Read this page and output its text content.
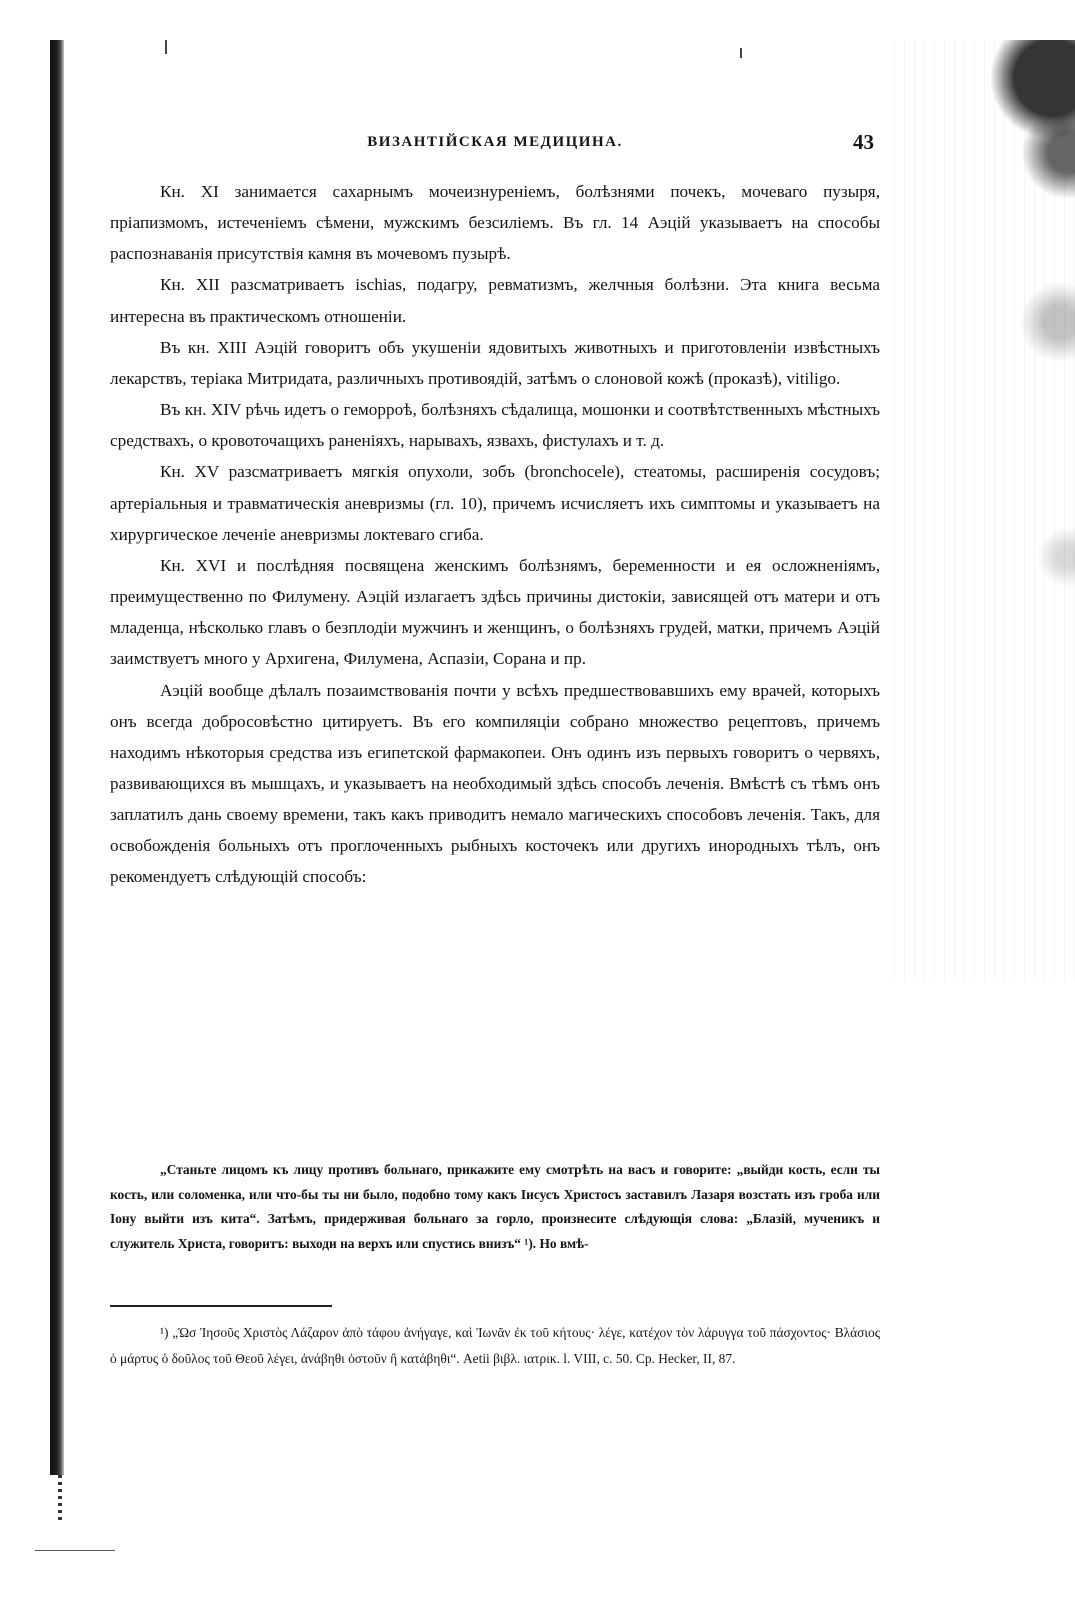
ВИЗАНТІЙСКАЯ МЕДИЦИНА.	43

Кн. XI занимается сахарнымъ мочеизнуреніемъ, болѣзнями почекъ, мочеваго пузыря, пріапизмомъ, истеченіемъ сѣмени, мужскимъ безсиліемъ. Въ гл. 14 Аэцій указываетъ на способы распознаванія присутствія камня въ мочевомъ пузырѣ.

Кн. XII разсматриваетъ ischias, подагру, ревматизмъ, желчныя болѣзни. Эта книга весьма интересна въ практическомъ отношеніи.

Въ кн. XIII Аэцій говоритъ объ укушеніи ядовитыхъ животныхъ и приготовленіи извѣстныхъ лекарствъ, теріака Митридата, различныхъ противоядій, затѣмъ о слоновой кожѣ (проказѣ), vitiligo.

Въ кн. XIV рѣчь идетъ о геморроѣ, болѣзняхъ сѣдалища, мошонки и соотвѣтственныхъ мѣстныхъ средствахъ, о кровоточащихъ раненіяхъ, нарывахъ, язвахъ, фистулахъ и т. д.

Кн. XV разсматриваетъ мягкія опухоли, зобъ (bronchocele), стеатомы, расширенія сосудовъ; артеріальныя и травматическія аневризмы (гл. 10), причемъ исчисляетъ ихъ симптомы и указываетъ на хирургическое леченіе аневризмы локтеваго сгиба.

Кн. XVI и послѣдняя посвящена женскимъ болѣзнямъ, беременности и ея осложненіямъ, преимущественно по Филумену. Аэцій излагаетъ здѣсь причины дистокіи, зависящей отъ матери и отъ младенца, нѣсколько главъ о безплодіи мужчинъ и женщинъ, о болѣзняхъ грудей, матки, причемъ Аэцій заимствуетъ много у Архигена, Филумена, Аспазіи, Сорана и пр.

Аэцій вообще дѣлалъ позаимствованія почти у всѣхъ предшествовавшихъ ему врачей, которыхъ онъ всегда добросовѣстно цитируетъ. Въ его компиляціи собрано множество рецептовъ, причемъ находимъ нѣкоторыя средства изъ египетской фармакопеи. Онъ одинъ изъ первыхъ говоритъ о червяхъ, развивающихся въ мышцахъ, и указываетъ на необходимый здѣсь способъ леченія. Вмѣстѣ съ тѣмъ онъ заплатилъ дань своему времени, такъ какъ приводитъ немало магическихъ способовъ леченія. Такъ, для освобожденія больныхъ отъ проглоченныхъ рыбныхъ косточекъ или другихъ инородныхъ тѣлъ, онъ рекомендуетъ слѣдующій способъ:

„Станьте лицомъ къ лицу противъ больнаго, прикажите ему смотрѣть на васъ и говорите: „выйди кость, если ты кость, или соломенка, или что-бы ты ни было, подобно тому какъ Іисусъ Христосъ заставилъ Лазаря возстать изъ гроба или Іону выйти изъ кита“. Затѣмъ, придерживая больнаго за горло, произнесите слѣдующія слова: „Блазій, мученикъ и служитель Христа, говоритъ: выходи на верхъ или спустись внизъ“ ¹). Но вмѣ-

¹) „Ὡσ Ἰησοῦς Χριστὸς Λάζαρον ἀπὸ τάφου ἀνήγαγε, καὶ Ἰωνᾶν ἐκ τοῦ κήτους· λέγε, κατέχον τὸν λάρυγγα τοῦ πάσχοντος· Βλάσιος ὁ μάρτυς ὁ δοῦλος τοῦ Θεοῦ λέγει, ἀνάβηθι ὀστοῦν ἢ κατάβηθι“. Aetii βιβλ. ιατρικ. l. VIII, c. 50. Cp. Hecker, II, 87.
